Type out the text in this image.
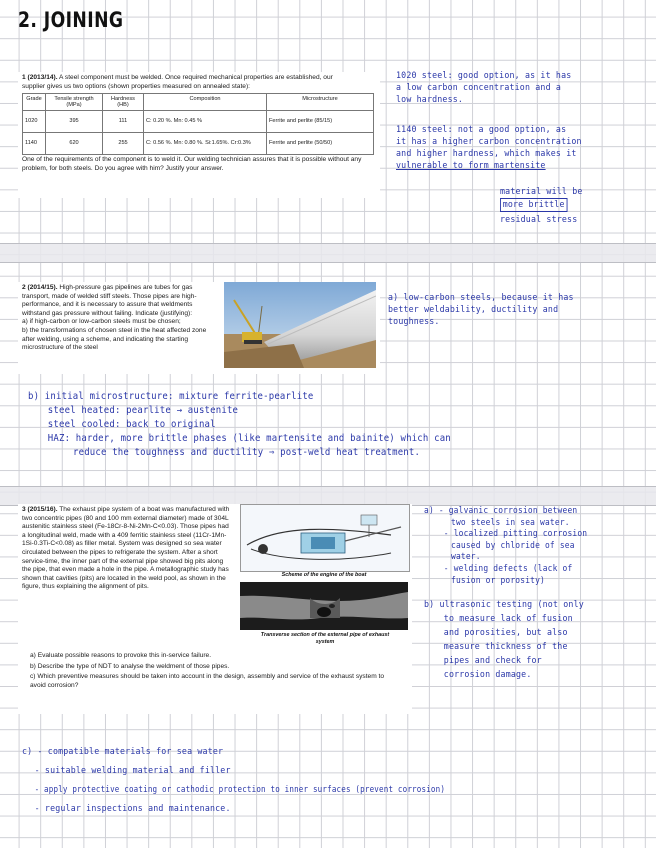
2. JOINING
1 (2013/14). A steel component must be welded. Once required mechanical properties are established, our supplier gives us two options (shown properties measured on annealed state):
Grade	Tensile strength (MPa)	Hardness (HB)	Composition	Microstructure
1020	395	111	C: 0.20 %. Mn: 0.45 %	Ferrite and perlite (85/15)
1140	620	255	C: 0.56 %. Mn: 0.80 %. Si:1.65%. Cr:0.3%	Ferrite and perlite (50/50)
One of the requirements of the component is to weld it. Our welding technician assures that it is possible without any problem, for both steels. Do you agree with him? Justify your answer.
1020 steel: good option, as it has
a low carbon concentration and a
low hardness.
1140 steel: not a good option, as
it has a higher carbon concentration
and higher hardness, which makes it
vulnerable to form martensite
material will be
more brittle
residual stress
2 (2014/15). High-pressure gas pipelines are tubes for gas transport, made of welded stiff steels. Those pipes are high-performance, and it is necessary to assure that weldments withstand gas pressure without failing. Indicate (justifying):
a) if high-carbon or low-carbon steels must be chosen;
b) the transformations of chosen steel in the heat affected zone after welding, using a scheme, and indicating the starting microstructure of the steel
a) low-carbon steels, because it has
better weldability, ductility and
toughness.
b) initial microstructure: mixture ferrite-pearlite
steel heated: pearlite → austenite
steel cooled: back to original
HAZ: harder, more brittle phases (like martensite and bainite) which can
reduce the toughness and ductility ⇒ post-weld heat treatment.
3 (2015/16). The exhaust pipe system of a boat was manufactured with two concentric pipes (80 and 100 mm external diameter) made of 304L austenitic stainless steel (Fe-18Cr-8-Ni-2Mn-C<0.03). Those pipes had a longitudinal weld, made with a 409 ferritic stainless steel (11Cr-1Mn-1Si-0.3Ti-C<0.08) as filler metal. System was designed so sea water circulated between the pipes to refrigerate the system. After a short service-time, the inner part of the external pipe showed big pits along the pipe, that even made a hole in the pipe. A metallographic study has shown that cavities (pits) are located in the weld pool, as shown in the figure, thus explaining the alignment of pits.
a) Evaluate possible reasons to provoke this in-service failure.
b) Describe the type of NDT to analyse the weldment of those pipes.
c) Which preventive measures should be taken into account in the design, assembly and service of the exhaust system to avoid corrosion?
Scheme of the engine of the boat
Transverse section of the external pipe of exhaust system
a) - galvanic corrosion between
two steels in sea water.
- localized pitting corrosion
caused by chloride of sea
water.
- welding defects (lack of
fusion or porosity)
b) ultrasonic testing (not only
to measure lack of fusion
and porosities, but also
measure thickness of the
pipes and check for
corrosion damage.
c) - compatible materials for sea water
- suitable welding material and filler
- apply protective coating or cathodic protection to inner surfaces (prevent corrosion)
- regular inspections and maintenance.
